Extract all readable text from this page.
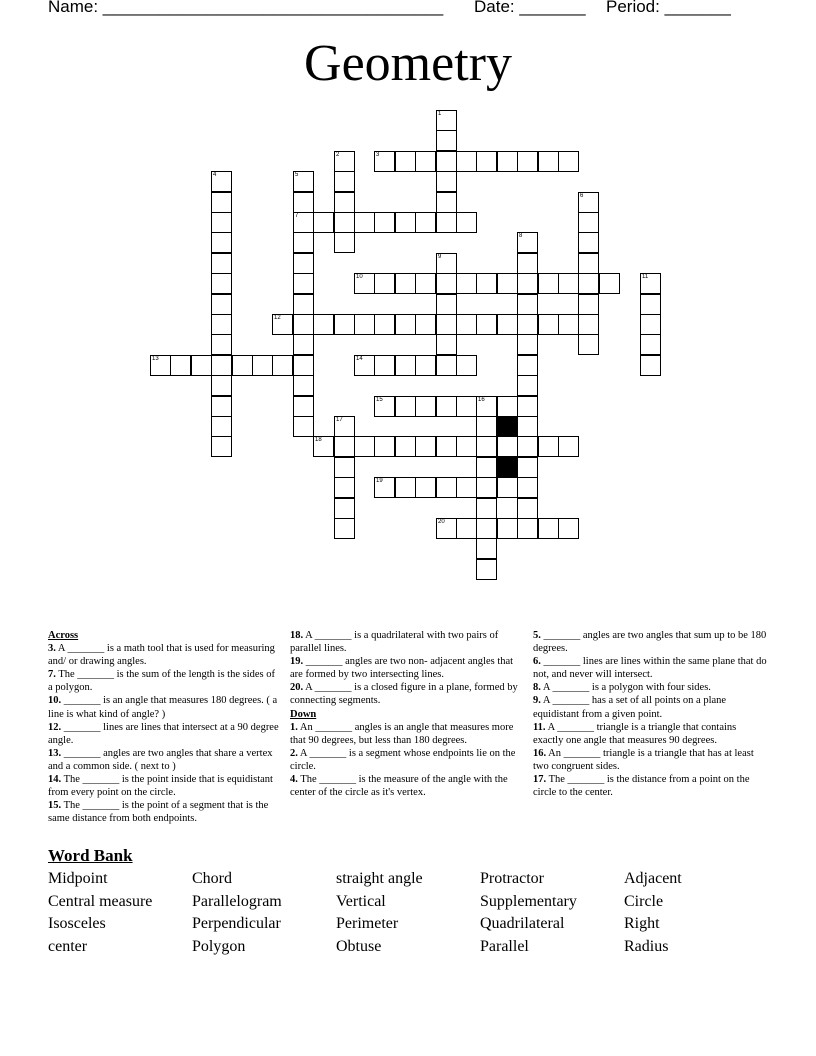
Name: ____________________________________ Date: _______ Period: _______
Geometry
1
2	3
4	5
7
6
8
9
10	11
12
13	14
15	16
17
18
19
20

Across

3. A _______ is a math tool that is used for measuring and/ or drawing angles.

7. The _______ is the sum of the length is the sides of a polygon.

10. _______ is an angle that measures 180 degrees. ( a line is what kind of angle? )

12. _______ lines are lines that intersect at a 90 degree angle.

13. _______ angles are two angles that share a vertex and a common side. ( next to )

14. The _______ is the point inside that is equidistant from every point on the circle.

15. The _______ is the point of a segment that is the same distance from both endpoints.

18. A _______ is a quadrilateral with two pairs of parallel lines.

19. _______ angles are two non- adjacent angles that are formed by two intersecting lines.

20. A _______ is a closed figure in a plane, formed by connecting segments.

Down

1. An _______ angles is an angle that measures more that 90 degrees, but less than 180 degrees.

2. A _______ is a segment whose endpoints lie on the circle.

4. The _______ is the measure of the angle with the center of the circle as it's vertex.

5. _______ angles are two angles that sum up to be 180 degrees.

6. _______ lines are lines within the same plane that do not, and never will intersect.

8. A _______ is a polygon with four sides.

9. A _______ has a set of all points on a plane equidistant from a given point.

11. A _______ triangle is a triangle that contains exactly one angle that measures 90 degrees.

16. An _______ triangle is a triangle that has at least two congruent sides.

17. The _______ is the distance from a point on the circle to the center.

Word Bank
Midpoint
Central measure
Isosceles
center
Chord
Parallelogram
Perpendicular
Polygon
straight angle
Vertical
Perimeter
Obtuse
Protractor
Supplementary
Quadrilateral
Parallel
Adjacent
Circle
Right
Radius
